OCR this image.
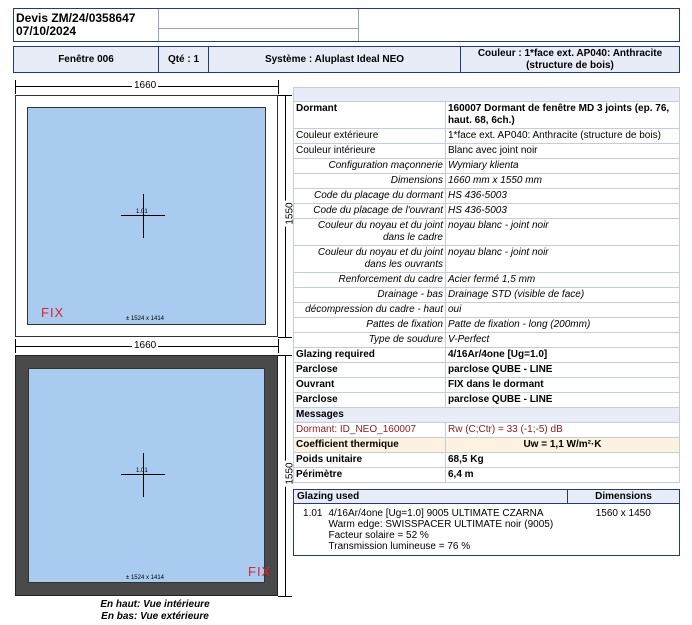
Devis ZM/24/0358647
07/10/2024
Fenêtre 006	Qté : 1	Système : Aluplast Ideal NEO
Couleur : 1*face ext. AP040: Anthracite (structure de bois)
1660
1550
1.01
± 1524 x 1414
FIX
1660
1550
1.01
± 1524 x 1414	FIX
En haut: Vue intérieure
En bas: Vue extérieure

Dormant	160007 Dormant de fenêtre MD 3 joints (ep. 76, haut. 68, 6ch.)
Couleur extérieure	1*face ext. AP040: Anthracite (structure de bois)
Couleur intérieure	Blanc avec joint noir
Configuration maçonnerie	Wymiary klienta
Dimensions	1660 mm x 1550 mm
Code du placage du dormant	HS 436-5003
Code du placage de l'ouvrant	HS 436-5003
Couleur du noyau et du joint dans le cadre	noyau blanc - joint noir
Couleur du noyau et du joint dans les ouvrants	noyau blanc - joint noir
Renforcement du cadre	Acier fermé 1,5 mm
Drainage - bas	Drainage STD (visible de face)
décompression du cadre - haut	oui
Pattes de fixation	Patte de fixation - long (200mm)
Type de soudure	V-Perfect
Glazing required	4/16Ar/4one [Ug=1.0]
Parclose	parclose QUBE - LINE
Ouvrant	FIX dans le dormant
Parclose	parclose QUBE - LINE
Messages	
Dormant: ID_NEO_160007	Rw (C;Ctr) = 33 (-1;-5) dB
Coefficient thermique	Uw = 1,1 W/m²·K
Poids unitaire	68,5 Kg
Périmètre	6,4 m
Glazing used		Dimensions
1.01	4/16Ar/4one [Ug=1.0] 9005 ULTIMATE CZARNA
Warm edge: SWISSPACER ULTIMATE noir (9005)
Facteur solaire = 52 %
Transmission lumineuse = 76 %	1560 x 1450
